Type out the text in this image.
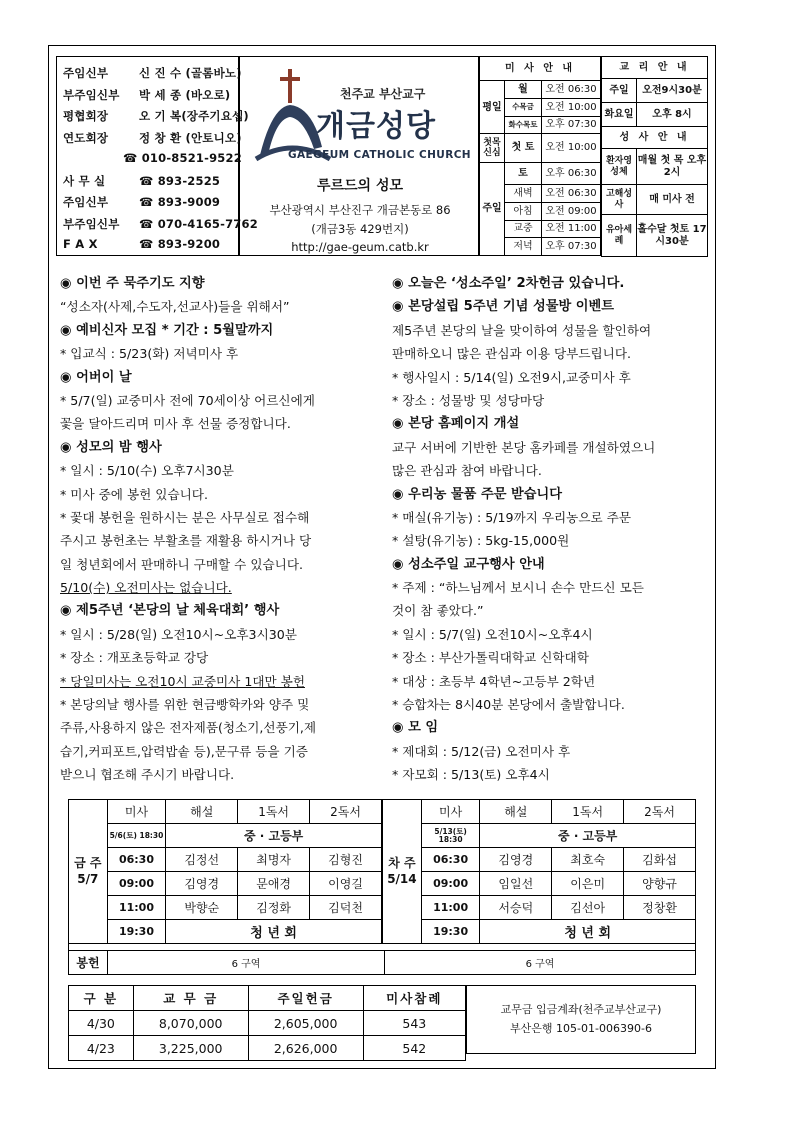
주임신부	신 진 수 (골롬바노)
부주임신부 박 세 종 (바오로)
평협회장	오 기 복(장주기요셉)
연도회장	정 창 환 (안토니오)
☎ 010-8521-9522
사 무 실	☎ 893-2525
주임신부	☎ 893-9009
부주임신부 ☎ 070-4165-7762
F A X	☎ 893-9200
천주교 부산교구
개금성당
GAEGEUM CATHOLIC CHURCH
루르드의 성모
부산광역시 부산진구 개금본동로 86
(개금3동 429번지)
http://gae-geum.catb.kr
미 사 안 내		
평일	월	오전 06:30
	수목금	오전 10:00
	화수목토	오후 07:30
첫목신심	첫 토	오전 10:00
주일	토	오후 06:30
	새벽	오전 06:30
	아침	오전 09:00
	교중	오전 11:00
	저녁	오후 07:30
교 리 안 내	
주일	오전9시30분
화요일	오후 8시
성 사 안 내	
환자영성체	매월 첫 목 오후 2시
고해성사	매 미사 전
유아세례	홀수달 첫토 17시30분
◉ 이번 주 묵주기도 지향
“성소자(사제,수도자,선교사)들을 위해서”
◉ 예비신자 모집 * 기간 : 5월말까지
* 입교식 : 5/23(화) 저녁미사 후
◉ 어버이 날
* 5/7(일) 교중미사 전에 70세이상 어르신에게
꽃을 달아드리며 미사 후 선물 증정합니다.
◉ 성모의 밤 행사
* 일시 : 5/10(수) 오후7시30분
* 미사 중에 봉헌 있습니다.
* 꽃대 봉헌을 원하시는 분은 사무실로 접수해
주시고 봉헌초는 부활초를 재활용 하시거나 당
일 청년회에서 판매하니 구매할 수 있습니다.
5/10(수) 오전미사는 없습니다.
◉ 제5주년 ‘본당의 날 체육대회’ 행사
* 일시 : 5/28(일) 오전10시~오후3시30분
* 장소 : 개포초등학교 강당
* 당일미사는 오전10시 교중미사 1대만 봉헌
* 본당의날 행사를 위한 현금빵학카와 양주 및
주류,사용하지 않은 전자제품(청소기,선풍기,제
습기,커피포트,압력밥솥 등),문구류 등을 기증
받으니 협조해 주시기 바랍니다.
◉ 오늘은 ‘성소주일’ 2차헌금 있습니다.
◉ 본당설립 5주년 기념 성물방 이벤트
제5주년 본당의 날을 맞이하여 성물을 할인하여
판매하오니 많은 관심과 이용 당부드립니다.
* 행사일시 : 5/14(일) 오전9시,교중미사 후
* 장소 : 성물방 및 성당마당
◉ 본당 홈페이지 개설
교구 서버에 기반한 본당 홈카페를 개설하였으니
많은 관심과 참여 바랍니다.
◉ 우리농 물품 주문 받습니다
* 매실(유기농) : 5/19까지 우리농으로 주문
* 설탕(유기농) : 5kg-15,000원
◉ 성소주일 교구행사 안내
* 주제 : “하느님께서 보시니 손수 만드신 모든
것이 참 좋았다.”
* 일시 : 5/7(일) 오전10시~오후4시
* 장소 : 부산가톨릭대학교 신학대학
* 대상 : 초등부 4학년~고등부 2학년
* 승합차는 8시40분 본당에서 출발합니다.
◉ 모 임
* 제대회 : 5/12(금) 오전미사 후
* 자모회 : 5/13(토) 오후4시
금 주 5/7	미사	해설	1독서	2독서
	5/6(토) 18:30	중 · 고등부		
	06:30	김정선	최명자	김형진
	09:00	김영경	문애경	이영길
	11:00	박향순	김정화	김덕천
	19:30	청 년 회		
차 주 5/14	미사	해설	1독서	2독서
	5/13(토) 18:30	중 · 고등부		
	06:30	김영경	최호숙	김화섭
	09:00	임일선	이은미	양향규
	11:00	서승덕	김선아	정창환
	19:30	청 년 회		
봉헌	6 구역	6 구역
구 분	교 무 금	주일헌금	미사참례
4/30	8,070,000	2,605,000	543
4/23	3,225,000	2,626,000	542
교무금 입금계좌(천주교부산교구)
부산은행 105-01-006390-6
